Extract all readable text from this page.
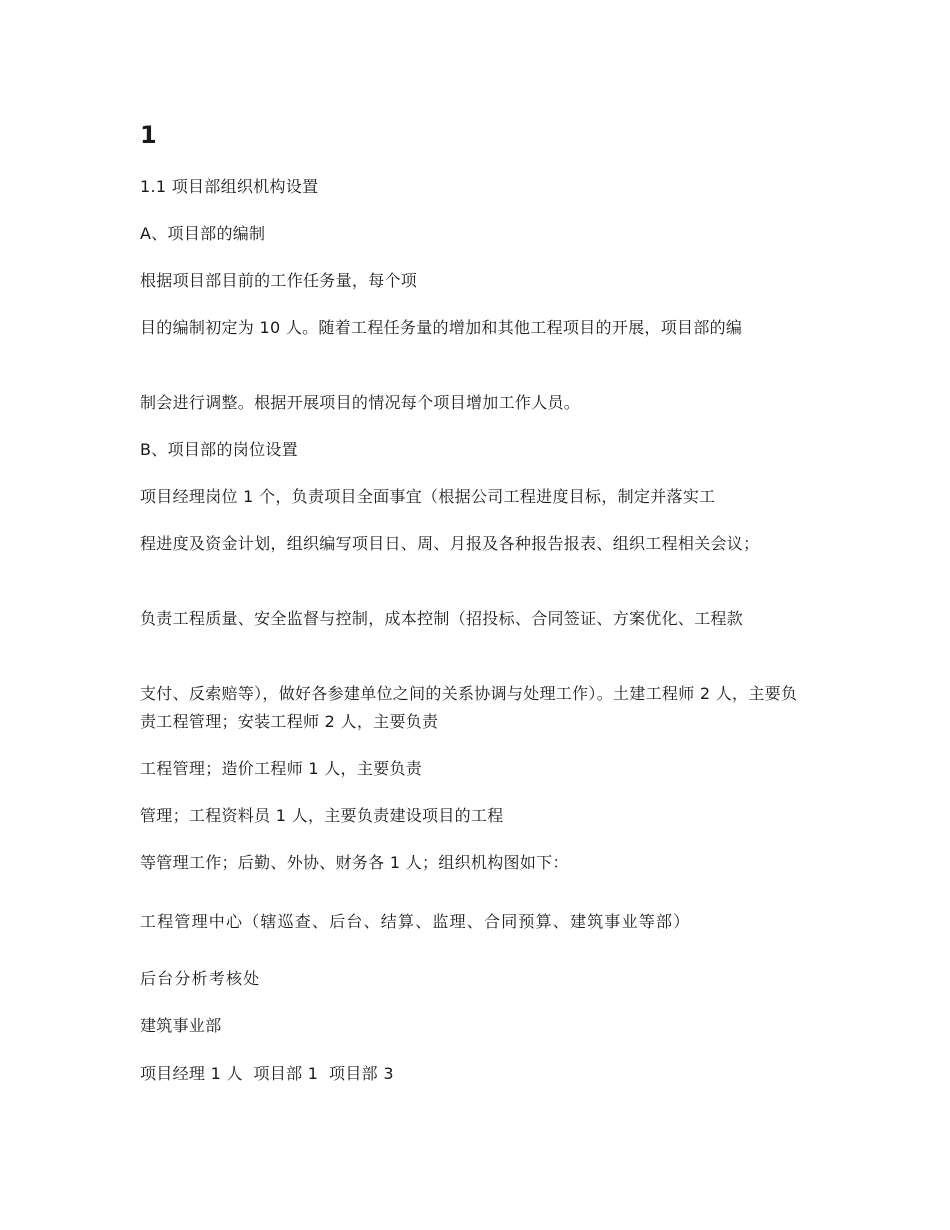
1

1.1 项目部组织机构设置

A、项目部的编制

根据项目部目前的工作任务量，每个项

目的编制初定为 10 人。随着工程任务量的增加和其他工程项目的开展，项目部的编

制会进行调整。根据开展项目的情况每个项目增加工作人员。

B、项目部的岗位设置

项目经理岗位 1 个，负责项目全面事宜（根据公司工程进度目标，制定并落实工

程进度及资金计划，组织编写项目日、周、月报及各种报告报表、组织工程相关会议；

负责工程质量、安全监督与控制，成本控制（招投标、合同签证、方案优化、工程款

支付、反索赔等），做好各参建单位之间的关系协调与处理工作）。土建工程师 2 人，主要负责工程管理；安装工程师 2 人，主要负责

工程管理；造价工程师 1 人，主要负责

管理；工程资料员 1 人，主要负责建设项目的工程

等管理工作；后勤、外协、财务各 1 人；组织机构图如下：

工程管理中心（辖巡查、后台、结算、监理、合同预算、建筑事业等部）

后台分析考核处

建筑事业部

项目经理 1 人  项目部 1  项目部 3
